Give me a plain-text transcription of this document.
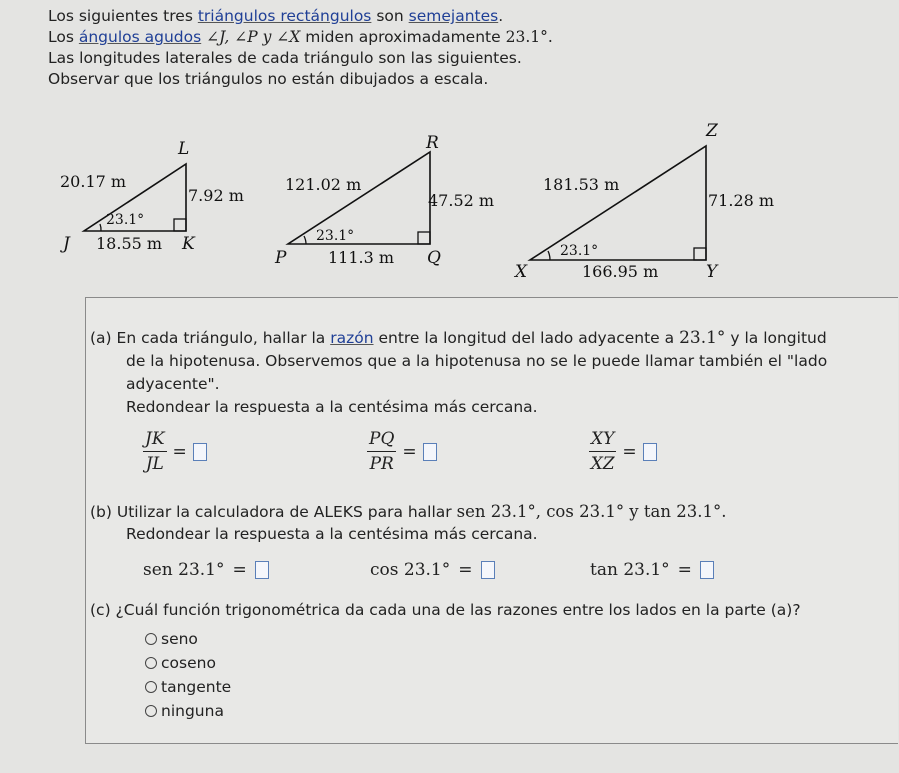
Los siguientes tres triángulos rectángulos son semejantes.

Los ángulos agudos ∠J, ∠P y ∠X miden aproximadamente 23.1°.

Las longitudes laterales de cada triángulo son las siguientes.

Observar que los triángulos no están dibujados a escala.

L
J	K
20.17 m
7.92 m
18.55 m
23.1°
R
P	Q
121.02 m
47.52 m
111.3 m
23.1°
Z
X	Y
181.53 m
71.28 m
166.95 m
23.1°
(a) En cada triángulo, hallar la razón entre la longitud del lado adyacente a 23.1° y la longitud
de la hipotenusa. Observemos que a la hipotenusa no se le puede llamar también el "lado
adyacente".
Redondear la respuesta a la centésima más cercana.
$\frac{JK}{JL}$ =	$\frac{PQ}{PR}$ =	$\frac{XY}{XZ}$ =
(b) Utilizar la calculadora de ALEKS para hallar sen 23.1°, cos 23.1° y tan 23.1°.
Redondear la respuesta a la centésima más cercana.
sen 23.1° =	cos 23.1° =	tan 23.1° =
(c) ¿Cuál función trigonométrica da cada una de las razones entre los lados en la parte (a)?
seno
coseno
tangente
ninguna
